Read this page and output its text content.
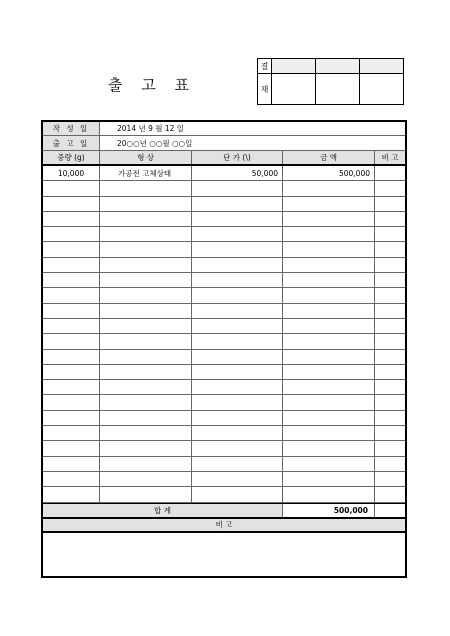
출 고 표
결			
재			
작 성 일	2014 년 9 월 12 일
출 고 일	20○○년 ○○월 ○○일
중량 (g)	형 상	단 가 (\)	금 액	비 고
10,000	가공전 고체상태	50,000	500,000
합 계	500,000
비 고
